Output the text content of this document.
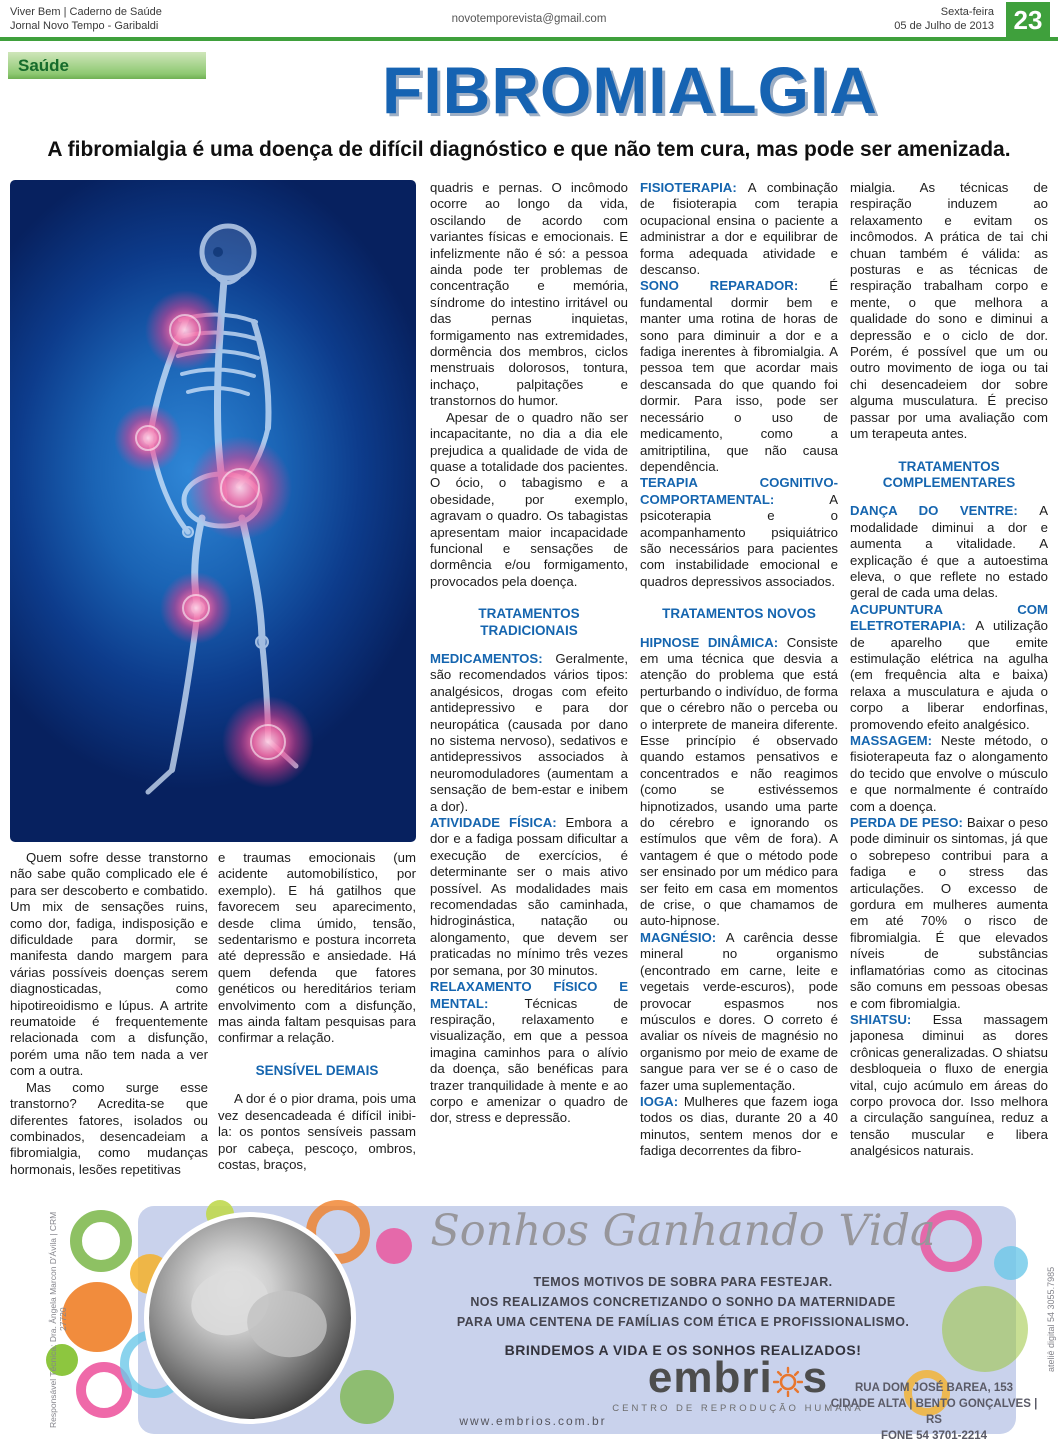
Viver Bem | Caderno de Saúde
Jornal Novo Tempo - Garibaldi
novotemporevista@gmail.com
Sexta-feira
05 de Julho de 2013 23
Saúde	FIBROMIALGIA
A fibromialgia é uma doença de difícil diagnóstico e que não tem cura, mas pode ser amenizada.

Quem sofre desse transtorno não sabe quão complicado ele é para ser descoberto e combatido. Um mix de sensações ruins, como dor, fadiga, indisposição e dificuldade para dormir, se manifesta dando margem para várias possíveis doenças serem diagnosticadas, como hipotireoidismo e lúpus. A artrite reumatoide é frequentemente relacionada com a disfunção, porém uma não tem nada a ver com a outra.

Mas como surge esse transtorno? Acredita-se que diferentes fatores, isolados ou combinados, desencadeiam a fibromialgia, como mudanças hormonais, lesões repetitivas

e traumas emocionais (um acidente automobilístico, por exemplo). E há gatilhos que favorecem seu aparecimento, desde clima úmido, tensão, sedentarismo e postura incorreta até depressão e ansiedade. Há quem defenda que fatores genéticos ou hereditários teriam envolvimento com a disfunção, mas ainda faltam pesquisas para confirmar a relação.

SENSÍVEL DEMAIS

A dor é o pior drama, pois uma vez desencadeada é difícil inibi-la: os pontos sensíveis passam por cabeça, pescoço, ombros, costas, braços,

quadris e pernas. O incômodo ocorre ao longo da vida, oscilando de acordo com variantes físicas e emocionais. E infelizmente não é só: a pessoa ainda pode ter problemas de concentração e memória, síndrome do intestino irritável ou das pernas inquietas, formigamento nas extremidades, dormência dos membros, ciclos menstruais dolorosos, tontura, inchaço, palpitações e transtornos do humor.

Apesar de o quadro não ser incapacitante, no dia a dia ele prejudica a qualidade de vida de quase a totalidade dos pacientes. O ócio, o tabagismo e a obesidade, por exemplo, agravam o quadro. Os tabagistas apresentam maior incapacidade funcional e sensações de dormência e/ou formigamento, provocados pela doença.

TRATAMENTOS TRADICIONAIS

MEDICAMENTOS: Geralmente, são recomendados vários tipos: analgésicos, drogas com efeito antidepressivo e para dor neuropática (causada por dano no sistema nervoso), sedativos e antidepressivos associados à neuromoduladores (aumentam a sensação de bem-estar e inibem a dor).

ATIVIDADE FÍSICA: Embora a dor e a fadiga possam dificultar a execução de exercícios, é determinante ser o mais ativo possível. As modalidades mais recomendadas são caminhada, hidroginástica, natação ou alongamento, que devem ser praticadas no mínimo três vezes por semana, por 30 minutos.

RELAXAMENTO FÍSICO E MENTAL: Técnicas de respiração, relaxamento e visualização, em que a pessoa imagina caminhos para o alívio da doença, são benéficas para trazer tranquilidade à mente e ao corpo e amenizar o quadro de dor, stress e depressão.

FISIOTERAPIA: A combinação de fisioterapia com terapia ocupacional ensina o paciente a administrar a dor e equilibrar de forma adequada atividade e descanso.

SONO REPARADOR: É fundamental dormir bem e manter uma rotina de horas de sono para diminuir a dor e a fadiga inerentes à fibromialgia. A pessoa tem que acordar mais descansada do que quando foi dormir. Para isso, pode ser necessário o uso de medicamento, como a amitriptilina, que não causa dependência.

TERAPIA COGNITIVO-COMPORTAMENTAL: A psicoterapia e o acompanhamento psiquiátrico são necessários para pacientes com instabilidade emocional e quadros depressivos associados.

TRATAMENTOS NOVOS

HIPNOSE DINÂMICA: Consiste em uma técnica que desvia a atenção do problema que está perturbando o indivíduo, de forma que o cérebro não o perceba ou o interprete de maneira diferente. Esse princípio é observado quando estamos pensativos e concentrados e não reagimos (como se estivéssemos hipnotizados, usando uma parte do cérebro e ignorando os estímulos que vêm de fora). A vantagem é que o método pode ser ensinado por um médico para ser feito em casa em momentos de crise, o que chamamos de auto-hipnose.

MAGNÉSIO: A carência desse mineral no organismo (encontrado em carne, leite e vegetais verde-escuros), pode provocar espasmos nos músculos e dores. O correto é avaliar os níveis de magnésio no organismo por meio de exame de sangue para ver se é o caso de fazer uma suplementação.

IOGA: Mulheres que fazem ioga todos os dias, durante 20 a 40 minutos, sentem menos dor e fadiga decorrentes da fibro-

mialgia. As técnicas de respiração induzem ao relaxamento e evitam os incômodos. A prática de tai chi chuan também é válida: as posturas e as técnicas de respiração trabalham corpo e mente, o que melhora a qualidade do sono e diminui a depressão e o ciclo de dor. Porém, é possível que um ou outro movimento de ioga ou tai chi desencadeiem dor sobre alguma musculatura. É preciso passar por uma avaliação com um terapeuta antes.

TRATAMENTOS COMPLEMENTARES

DANÇA DO VENTRE: A modalidade diminui a dor e aumenta a vitalidade. A explicação é que a autoestima eleva, o que reflete no estado geral de cada uma delas.

ACUPUNTURA COM ELETROTERAPIA: A utilização de aparelho que emite estimulação elétrica na agulha (em frequência alta e baixa) relaxa a musculatura e ajuda o corpo a liberar endorfinas, promovendo efeito analgésico.

MASSAGEM: Neste método, o fisioterapeuta faz o alongamento do tecido que envolve o músculo e que normalmente é contraído com a doença.

PERDA DE PESO: Baixar o peso pode diminuir os sintomas, já que o sobrepeso contribui para a fadiga e o stress das articulações. O excesso de gordura em mulheres aumenta em até 70% o risco de fibromialgia. É que elevados níveis de substâncias inflamatórias como as citocinas são comuns em pessoas obesas e com fibromialgia.

SHIATSU: Essa massagem japonesa diminui as dores crônicas generalizadas. O shiatsu desbloqueia o fluxo de energia vital, cujo acúmulo em áreas do corpo provoca dor. Isso melhora a circulação sanguínea, reduz a tensão muscular e libera analgésicos naturais.

Sonhos Ganhando Vida
TEMOS MOTIVOS DE SOBRA PARA FESTEJAR.
NOS REALIZAMOS CONCRETIZANDO O SONHO DA MATERNIDADE
PARA UMA CENTENA DE FAMÍLIAS COM ÉTICA E PROFISSIONALISMO.
BRINDEMOS A VIDA E OS SONHOS REALIZADOS!
embri s
CENTRO DE REPRODUÇÃO HUMANA
www.embrios.com.br
RUA DOM JOSÉ BAREA, 153
CIDADE ALTA | BENTO GONÇALVES | RS
FONE 54 3701-2214
Responsável Técnica: Dra. Ângela Marcon D'Ávila | CRM 27720	ateliê digital 54 3055.7985
